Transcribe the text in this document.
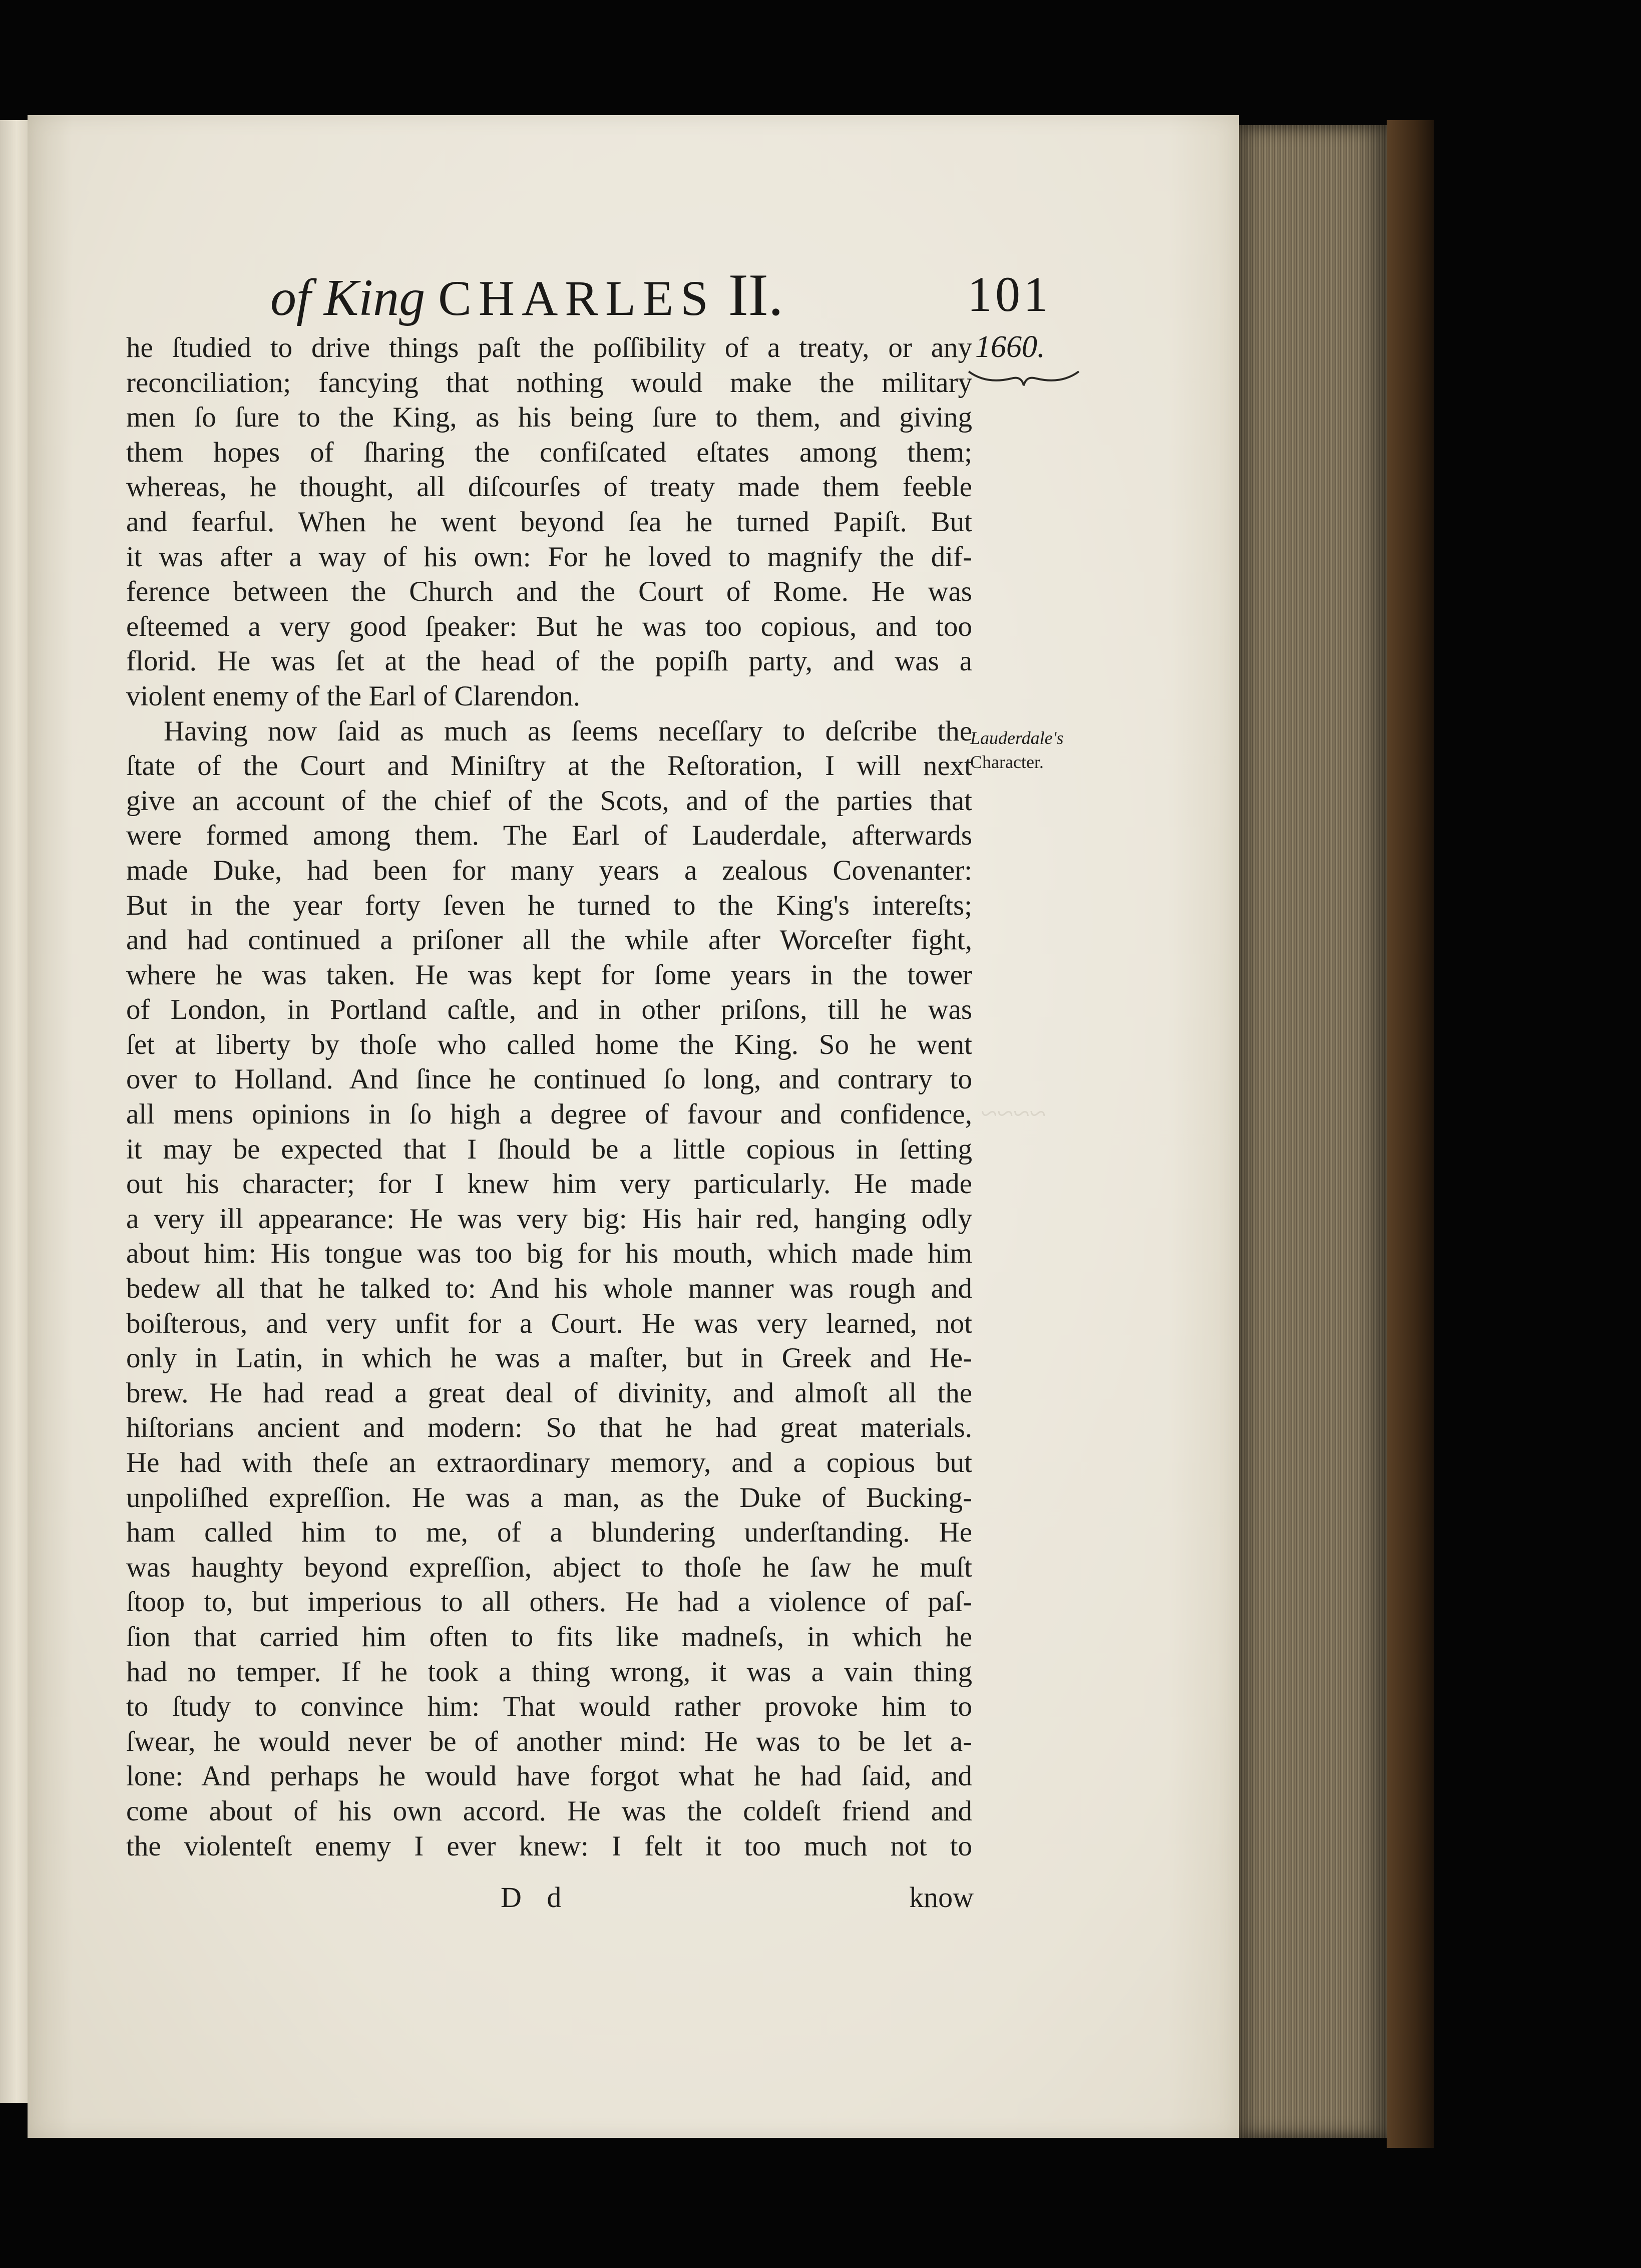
~~~~
of King CHARLES II.	101
1660.
Lauderdale's
Character.
he ſtudied to drive things paſt the poſſibility of a treaty, or any
reconciliation; fancying that nothing would make the military
men ſo ſure to the King, as his being ſure to them, and giving
them hopes of ſharing the confiſcated eſtates among them;
whereas, he thought, all diſcourſes of treaty made them feeble
and fearful. When he went beyond ſea he turned Papiſt. But
it was after a way of his own: For he loved to magnify the dif-
ference between the Church and the Court of Rome. He was
eſteemed a very good ſpeaker: But he was too copious, and too
florid. He was ſet at the head of the popiſh party, and was a
violent enemy of the Earl of Clarendon.
Having now ſaid as much as ſeems neceſſary to deſcribe the
ſtate of the Court and Miniſtry at the Reſtoration, I will next
give an account of the chief of the Scots, and of the parties that
were formed among them. The Earl of Lauderdale, afterwards
made Duke, had been for many years a zealous Covenanter:
But in the year forty ſeven he turned to the King's intereſts;
and had continued a priſoner all the while after Worceſter fight,
where he was taken. He was kept for ſome years in the tower
of London, in Portland caſtle, and in other priſons, till he was
ſet at liberty by thoſe who called home the King. So he went
over to Holland. And ſince he continued ſo long, and contrary to
all mens opinions in ſo high a degree of favour and confidence,
it may be expected that I ſhould be a little copious in ſetting
out his character; for I knew him very particularly. He made
a very ill appearance: He was very big: His hair red, hanging odly
about him: His tongue was too big for his mouth, which made him
bedew all that he talked to: And his whole manner was rough and
boiſterous, and very unfit for a Court. He was very learned, not
only in Latin, in which he was a maſter, but in Greek and He-
brew. He had read a great deal of divinity, and almoſt all the
hiſtorians ancient and modern: So that he had great materials.
He had with theſe an extraordinary memory, and a copious but
unpoliſhed expreſſion. He was a man, as the Duke of Bucking-
ham called him to me, of a blundering underſtanding. He
was haughty beyond expreſſion, abject to thoſe he ſaw he muſt
ſtoop to, but imperious to all others. He had a violence of paſ-
ſion that carried him often to fits like madneſs, in which he
had no temper. If he took a thing wrong, it was a vain thing
to ſtudy to convince him: That would rather provoke him to
ſwear, he would never be of another mind: He was to be let a-
lone: And perhaps he would have forgot what he had ſaid, and
come about of his own accord. He was the coldeſt friend and
the violenteſt enemy I ever knew: I felt it too much not to
D d	know
